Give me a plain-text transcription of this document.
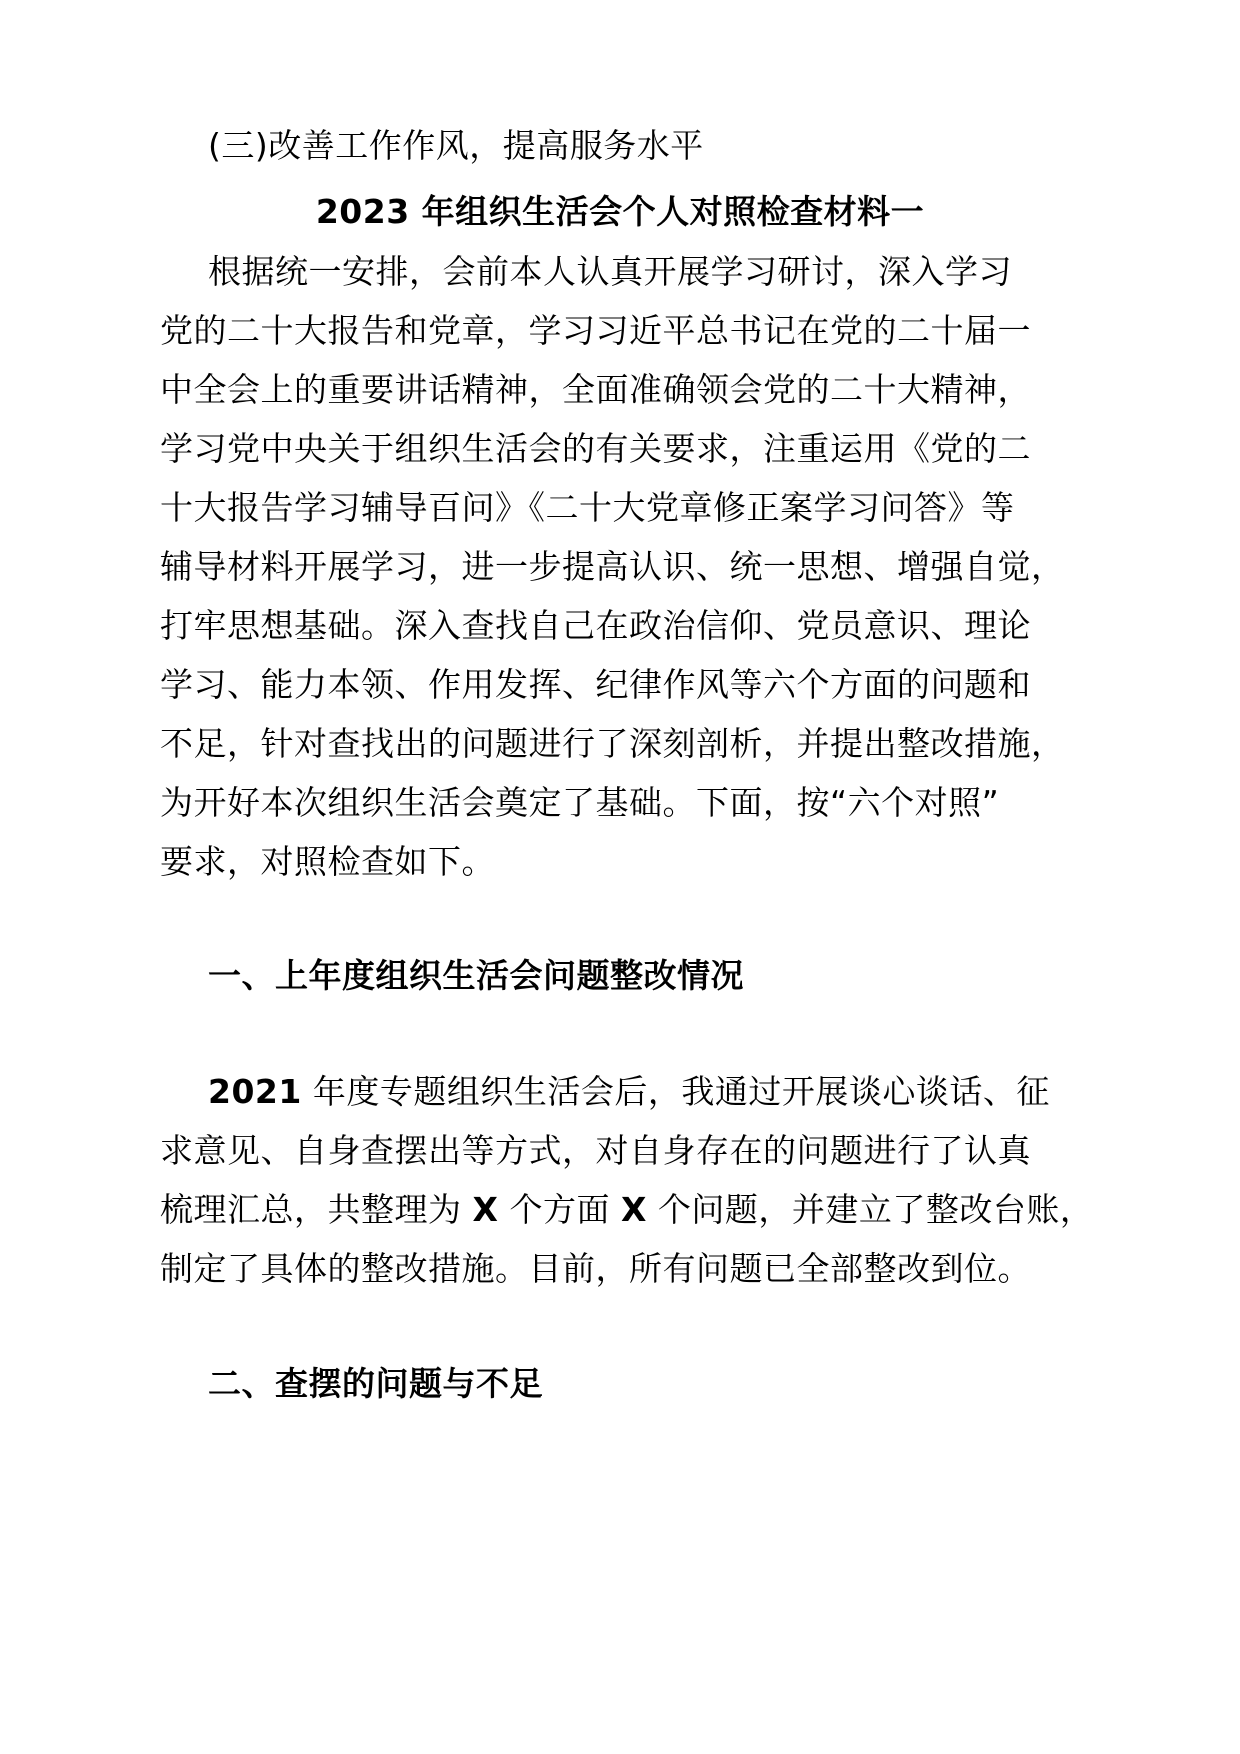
(三)改善工作作风，提高服务水平
2023 年组织生活会个人对照检查材料一
根据统一安排，会前本人认真开展学习研讨，深入学习
党的二十大报告和党章，学习习近平总书记在党的二十届一
中全会上的重要讲话精神，全面准确领会党的二十大精神，
学习党中央关于组织生活会的有关要求，注重运用《党的二
十大报告学习辅导百问》《二十大党章修正案学习问答》等
辅导材料开展学习，进一步提高认识、统一思想、增强自觉，
打牢思想基础。深入查找自己在政治信仰、党员意识、理论
学习、能力本领、作用发挥、纪律作风等六个方面的问题和
不足，针对查找出的问题进行了深刻剖析，并提出整改措施，
为开好本次组织生活会奠定了基础。下面，按“六个对照”
要求，对照检查如下。
一、上年度组织生活会问题整改情况
2021 年度专题组织生活会后，我通过开展谈心谈话、征
求意见、自身查摆出等方式，对自身存在的问题进行了认真
梳理汇总，共整理为 X 个方面 X 个问题，并建立了整改台账，
制定了具体的整改措施。目前，所有问题已全部整改到位。
二、查摆的问题与不足
